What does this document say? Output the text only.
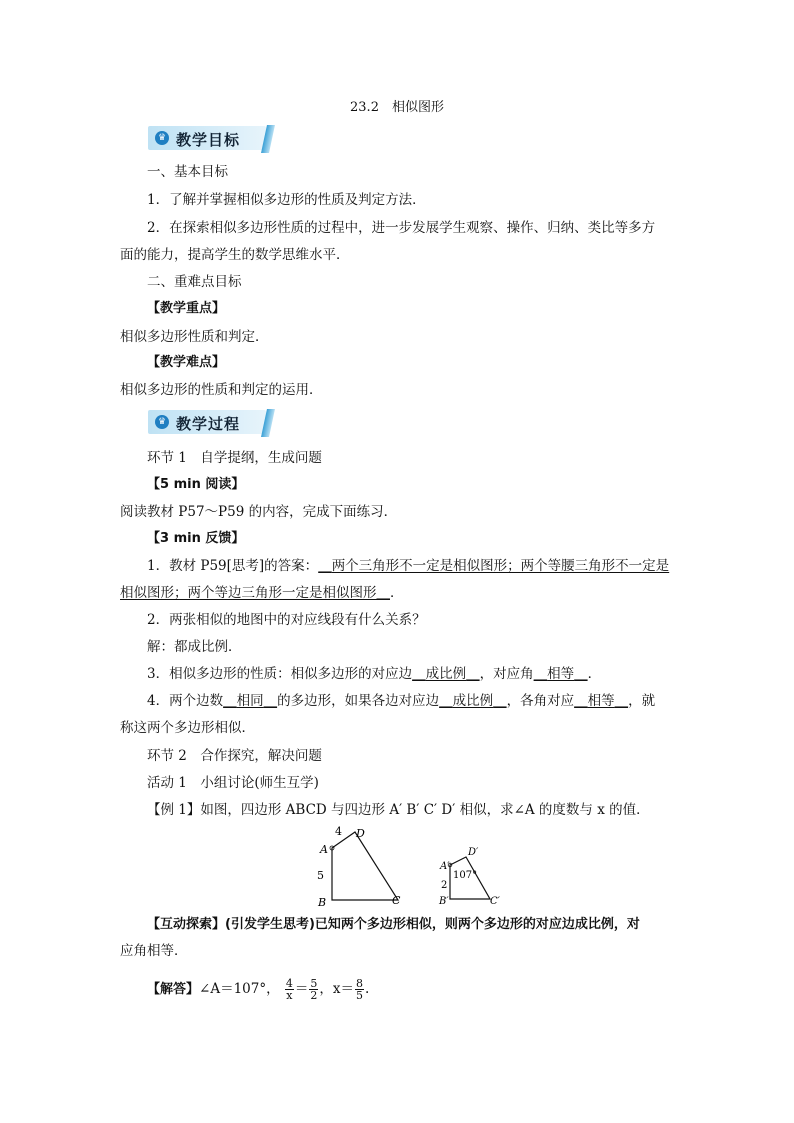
23.2　相似图形
♛ 教学目标
一、基本目标
1．了解并掌握相似多边形的性质及判定方法．
2．在探索相似多边形性质的过程中，进一步发展学生观察、操作、归纳、类比等多方
面的能力，提高学生的数学思维水平．
二、重难点目标
【教学重点】
相似多边形性质和判定．
【教学难点】
相似多边形的性质和判定的运用．
♛ 教学过程
环节 1　自学提纲，生成问题
【5 min 阅读】
阅读教材 P57～P59 的内容，完成下面练习．
【3 min 反馈】
1．教材 P59[思考]的答案：＿两个三角形不一定是相似图形；两个等腰三角形不一定是
相似图形；两个等边三角形一定是相似图形＿．
2．两张相似的地图中的对应线段有什么关系？
解：都成比例．
3．相似多边形的性质：相似多边形的对应边＿成比例＿，对应角＿相等＿．
4．两个边数＿相同＿的多边形，如果各边对应边＿成比例＿，各角对应＿相等＿，就
称这两个多边形相似．
环节 2　合作探究，解决问题
活动 1　小组讨论(师生互学)
【例 1】如图，四边形 ABCD 与四边形 A′ B′ C′ D′ 相似，求∠A 的度数与 x 的值．
A
D
B	C
4
5
A′
D′
B′	C′
2
107°
【互动探索】(引发学生思考)已知两个多边形相似，则两个多边形的对应边成比例，对
应角相等．
【解答】∠A＝107°， $\frac{4}{x} = \frac{5}{2}$ ，$x= \frac{8}{5}$ .
